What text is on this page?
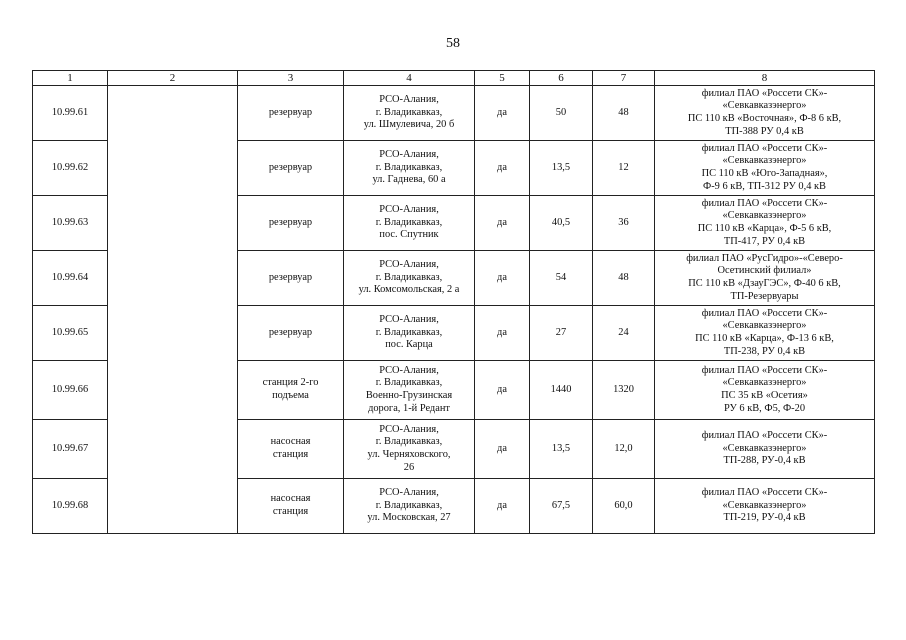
58
1	2	3	4	5	6	7	8
10.99.61		резервуар	РСО-Алания,
г. Владикавказ,
ул. Шмулевича, 20 б	да	50	48	филиал ПАО «Россети СК»-
«Севкавказэнерго»
ПС 110 кВ «Восточная», Ф-8 6 кВ,
ТП-388 РУ 0,4 кВ

10.99.62		резервуар	РСО-Алания,
г. Владикавказ,
ул. Гаднева, 60 а	да	13,5	12	филиал ПАО «Россети СК»-
«Севкавказэнерго»
ПС 110 кВ «Юго-Западная»,
Ф-9 6 кВ, ТП-312 РУ 0,4 кВ

10.99.63		резервуар	РСО-Алания,
г. Владикавказ,
пос. Спутник	да	40,5	36	филиал ПАО «Россети СК»-
«Севкавказэнерго»
ПС 110 кВ «Карца», Ф-5 6 кВ,
ТП-417, РУ 0,4 кВ

10.99.64		резервуар	РСО-Алания,
г. Владикавказ,
ул. Комсомольская, 2 а	да	54	48	филиал ПАО «РусГидро»-«Северо-
Осетинский филиал»
ПС 110 кВ «ДзауГЭС», Ф-40 6 кВ,
ТП-Резервуары

10.99.65		резервуар	РСО-Алания,
г. Владикавказ,
пос. Карца	да	27	24	филиал ПАО «Россети СК»-
«Севкавказэнерго»
ПС 110 кВ «Карца», Ф-13 6 кВ,
ТП-238, РУ 0,4 кВ

10.99.66		станция 2-го
подъема	РСО-Алания,
г. Владикавказ,
Военно-Грузинская
дорога, 1-й Редант	да	1440	1320	филиал ПАО «Россети СК»-
«Севкавказэнерго»
ПС 35 кВ «Осетия»
РУ 6 кВ, Ф5, Ф-20

10.99.67		насосная
станция	РСО-Алания,
г. Владикавказ,
ул. Черняховского,
26	да	13,5	12,0	филиал ПАО «Россети СК»-
«Севкавказэнерго»
ТП-288, РУ-0,4 кВ

10.99.68		насосная
станция	РСО-Алания,
г. Владикавказ,
ул. Московская, 27	да	67,5	60,0	филиал ПАО «Россети СК»-
«Севкавказэнерго»
ТП-219, РУ-0,4 кВ
